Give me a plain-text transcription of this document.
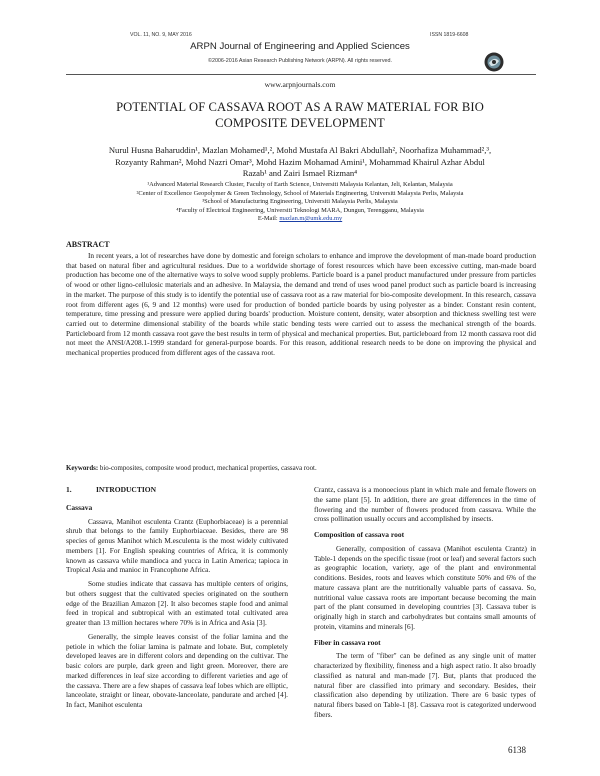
VOL. 11, NO. 9, MAY 2016	ISSN 1819-6608
ARPN Journal of Engineering and Applied Sciences
©2006-2016 Asian Research Publishing Network (ARPN). All rights reserved.
www.arpnjournals.com
POTENTIAL OF CASSAVA ROOT AS A RAW MATERIAL FOR BIO
COMPOSITE DEVELOPMENT
Nurul Husna Baharuddin¹, Mazlan Mohamed¹,², Mohd Mustafa Al Bakri Abdullah², Noorhafiza Muhammad²,³,
Rozyanty Rahman², Mohd Nazri Omar³, Mohd Hazim Mohamad Amini¹, Mohammad Khairul Azhar Abdul
Razab¹ and Zairi Ismael Rizman⁴
¹Advanced Material Research Cluster, Faculty of Earth Science, Universiti Malaysia Kelantan, Jeli, Kelantan, Malaysia
²Center of Excellence Geopolymer & Green Technology, School of Materials Engineering, Universiti Malaysia Perlis, Malaysia
³School of Manufacturing Engineering, Universiti Malaysia Perlis, Malaysia
⁴Faculty of Electrical Engineering, Universiti Teknologi MARA, Dungun, Terengganu, Malaysia
E-Mail: mazlan.m@umk.edu.my
ABSTRACT

In recent years, a lot of researches have done by domestic and foreign scholars to enhance and improve the development of man-made board production that based on natural fiber and agricultural residues. Due to a worldwide shortage of forest resources which have been excessive cutting, man-made board production has become one of the alternative ways to solve wood supply problems. Particle board is a panel product manufactured under pressure from particles of wood or other ligno-cellulosic materials and an adhesive. In Malaysia, the demand and trend of uses wood panel product such as particle board is increasing in the market. The purpose of this study is to identify the potential use of cassava root as a raw material for bio-composite development. In this research, cassava root from different ages (6, 9 and 12 months) were used for production of bonded particle boards by using polyester as a binder. Constant resin content, temperature, time pressing and pressure were applied during boards' production. Moisture content, density, water absorption and thickness swelling test were carried out to determine dimensional stability of the boards while static bending tests were carried out to assess the mechanical strength of the boards. Particleboard from 12 month cassava root gave the best results in term of physical and mechanical properties. But, particleboard from 12 month cassava root did not meet the ANSI/A208.1-1999 standard for general-purpose boards. For this reason, additional research needs to be done on improving the physical and mechanical properties produced from different ages of the cassava root.

Keywords: bio-composites, composite wood product, mechanical properties, cassava root.
1.	INTRODUCTION
Cassava

Cassava, Manihot esculenta Crantz (Euphorbiaceae) is a perennial shrub that belongs to the family Euphorbiaceae. Besides, there are 98 species of genus Manihot which M.esculenta is the most widely cultivated members [1]. For English speaking countries of Africa, it is commonly known as cassava while mandioca and yucca in Latin America; tapioca in Tropical Asia and manioc in Francophone Africa.

Some studies indicate that cassava has multiple centers of origins, but others suggest that the cultivated species originated on the southern edge of the Brazilian Amazon [2]. It also becomes staple food and animal feed in tropical and subtropical with an estimated total cultivated area greater than 13 million hectares where 70% is in Africa and Asia [3].

Generally, the simple leaves consist of the foliar lamina and the petiole in which the foliar lamina is palmate and lobate. But, completely developed leaves are in different colors and depending on the cultivar. The basic colors are purple, dark green and light green. Moreover, there are marked differences in leaf size according to different varieties and age of the cassava. There are a few shapes of cassava leaf lobes which are elliptic, lanceolate, straight or linear, obovate-lanceolate, pandurate and arched [4]. In fact, Manihot esculenta

Crantz, cassava is a monoecious plant in which male and female flowers on the same plant [5]. In addition, there are great differences in the time of flowering and the number of flowers produced from cassava. While the cross pollination usually occurs and accomplished by insects.

Composition of cassava root

Generally, composition of cassava (Manihot esculenta Crantz) in Table-1 depends on the specific tissue (root or leaf) and several factors such as geographic location, variety, age of the plant and environmental conditions. Besides, roots and leaves which constitute 50% and 6% of the mature cassava plant are the nutritionally valuable parts of cassava. So, nutritional value cassava roots are important because becoming the main part of the plant consumed in developing countries [3]. Cassava tuber is originally high in starch and carbohydrates but contains small amounts of protein, vitamins and minerals [6].

Fiber in cassava root

The term of "fiber" can be defined as any single unit of matter characterized by flexibility, fineness and a high aspect ratio. It also broadly classified as natural and man-made [7]. But, plants that produced the natural fiber are classified into primary and secondary. Besides, their classification also depending by utilization. There are 6 basic types of natural fibers based on Table-1 [8]. Cassava root is categorized underwood fibers.

6138
